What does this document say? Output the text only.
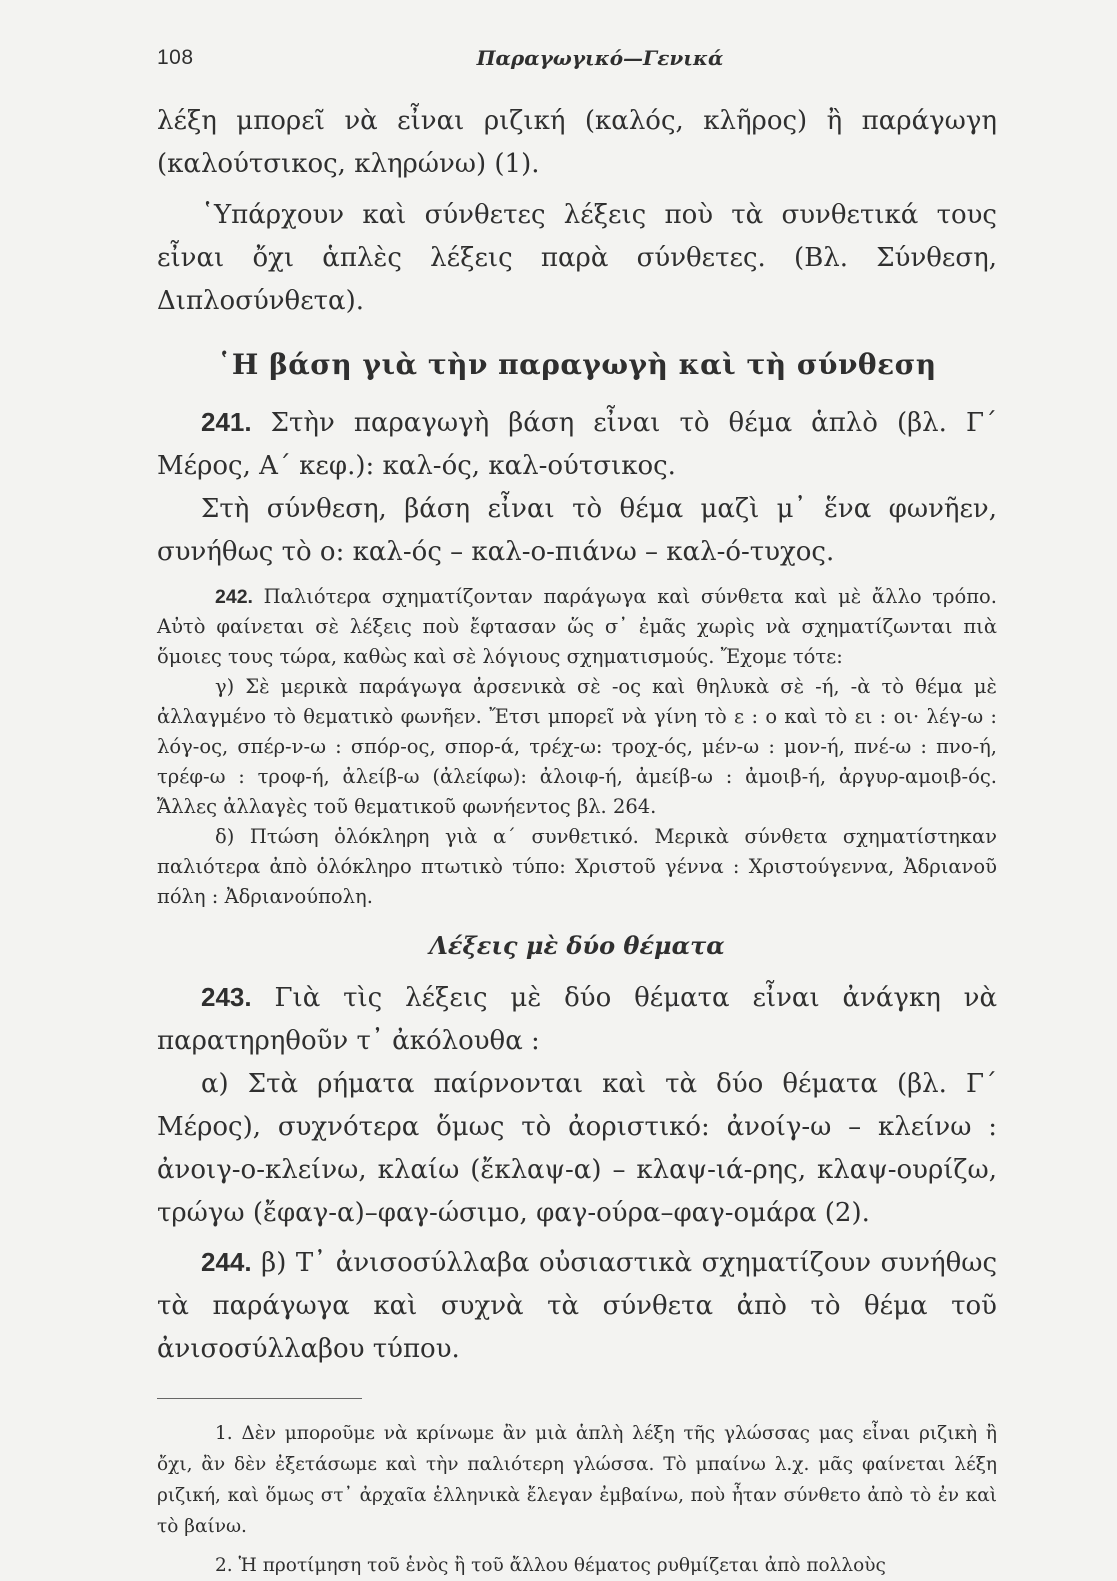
108	Παραγωγικό—Γενικά

λέξη μπορεῖ νὰ εἶναι ριζική (καλός, κλῆρος) ἢ παράγωγη (καλούτσικος, κληρώνω) (1).

῾Υπάρχουν καὶ σύνθετες λέξεις ποὺ τὰ συνθετικά τους εἶναι ὄχι ἁπλὲς λέξεις παρὰ σύνθετες. (Βλ. Σύνθεση, Διπλοσύνθετα).

῾Η βάση γιὰ τὴν παραγωγὴ καὶ τὴ σύνθεση

241. Στὴν παραγωγὴ βάση εἶναι τὸ θέμα ἁπλὸ (βλ. Γ΄ Μέρος, Α΄ κεφ.): καλ-ός, καλ-ούτσικος.

Στὴ σύνθεση, βάση εἶναι τὸ θέμα μαζὶ μ᾿ ἕνα φωνῆεν, συνήθως τὸ ο: καλ-ός – καλ-ο-πιάνω – καλ-ό-τυχος.

242. Παλιότερα σχηματίζονταν παράγωγα καὶ σύνθετα καὶ μὲ ἄλλο τρόπο. Αὐτὸ φαίνεται σὲ λέξεις ποὺ ἔφτασαν ὥς σ᾿ ἐμᾶς χωρὶς νὰ σχηματίζωνται πιὰ ὅμοιες τους τώρα, καθὼς καὶ σὲ λόγιους σχηματισμούς. Ἔχομε τότε:

γ) Σὲ μερικὰ παράγωγα ἀρσενικὰ σὲ -ος καὶ θηλυκὰ σὲ -ή, -ὰ τὸ θέμα μὲ ἀλλαγμένο τὸ θεματικὸ φωνῆεν. Ἔτσι μπορεῖ νὰ γίνη τὸ ε : ο καὶ τὸ ει : οι· λέγ-ω : λόγ-ος, σπέρ-ν-ω : σπόρ-ος, σπορ-ά, τρέχ-ω: τροχ-ός, μέν-ω : μον-ή, πνέ-ω : πνο-ή, τρέφ-ω : τροφ-ή, ἀλείβ-ω (ἀλείφω): ἀλοιφ-ή, ἀμείβ-ω : ἀμοιβ-ή, ἀργυρ-αμοιβ-ός. Ἄλλες ἀλλαγὲς τοῦ θεματικοῦ φωνήεντος βλ. 264.

δ) Πτώση ὁλόκληρη γιὰ α΄ συνθετικό. Μερικὰ σύνθετα σχηματίστηκαν παλιότερα ἀπὸ ὁλόκληρο πτωτικὸ τύπο: Χριστοῦ γέννα : Χριστούγεννα, Ἀδριανοῦ πόλη : Ἀδριανούπολη.

Λέξεις μὲ δύο θέματα

243. Γιὰ τὶς λέξεις μὲ δύο θέματα εἶναι ἀνάγκη νὰ παρατηρηθοῦν τ᾿ ἀκόλουθα :

α) Στὰ ρήματα παίρνονται καὶ τὰ δύο θέματα (βλ. Γ΄ Μέρος), συχνότερα ὅμως τὸ ἀοριστικό: ἀνοίγ-ω – κλείνω : ἀνοιγ-ο-κλείνω, κλαίω (ἔκλαψ-α) – κλαψ-ιά-ρης, κλαψ-ουρίζω, τρώγω (ἔφαγ-α)–φαγ-ώσιμο, φαγ-ούρα–φαγ-ομάρα (2).

244. β) Τ᾿ ἀνισοσύλλαβα οὐσιαστικὰ σχηματίζουν συνήθως τὰ παράγωγα καὶ συχνὰ τὰ σύνθετα ἀπὸ τὸ θέμα τοῦ ἀνισοσύλλαβου τύπου.

1. Δὲν μποροῦμε νὰ κρίνωμε ἂν μιὰ ἁπλὴ λέξη τῆς γλώσσας μας εἶναι ριζικὴ ἢ ὄχι, ἂν δὲν ἐξετάσωμε καὶ τὴν παλιότερη γλώσσα. Τὸ μπαίνω λ.χ. μᾶς φαίνεται λέξη ριζική, καὶ ὅμως στ᾿ ἀρχαῖα ἑλληνικὰ ἔλεγαν ἐμβαίνω, ποὺ ἦταν σύνθετο ἀπὸ τὸ ἐν καὶ τὸ βαίνω.

2. Ἡ προτίμηση τοῦ ἑνὸς ἢ τοῦ ἄλλου θέματος ρυθμίζεται ἀπὸ πολλοὺς
